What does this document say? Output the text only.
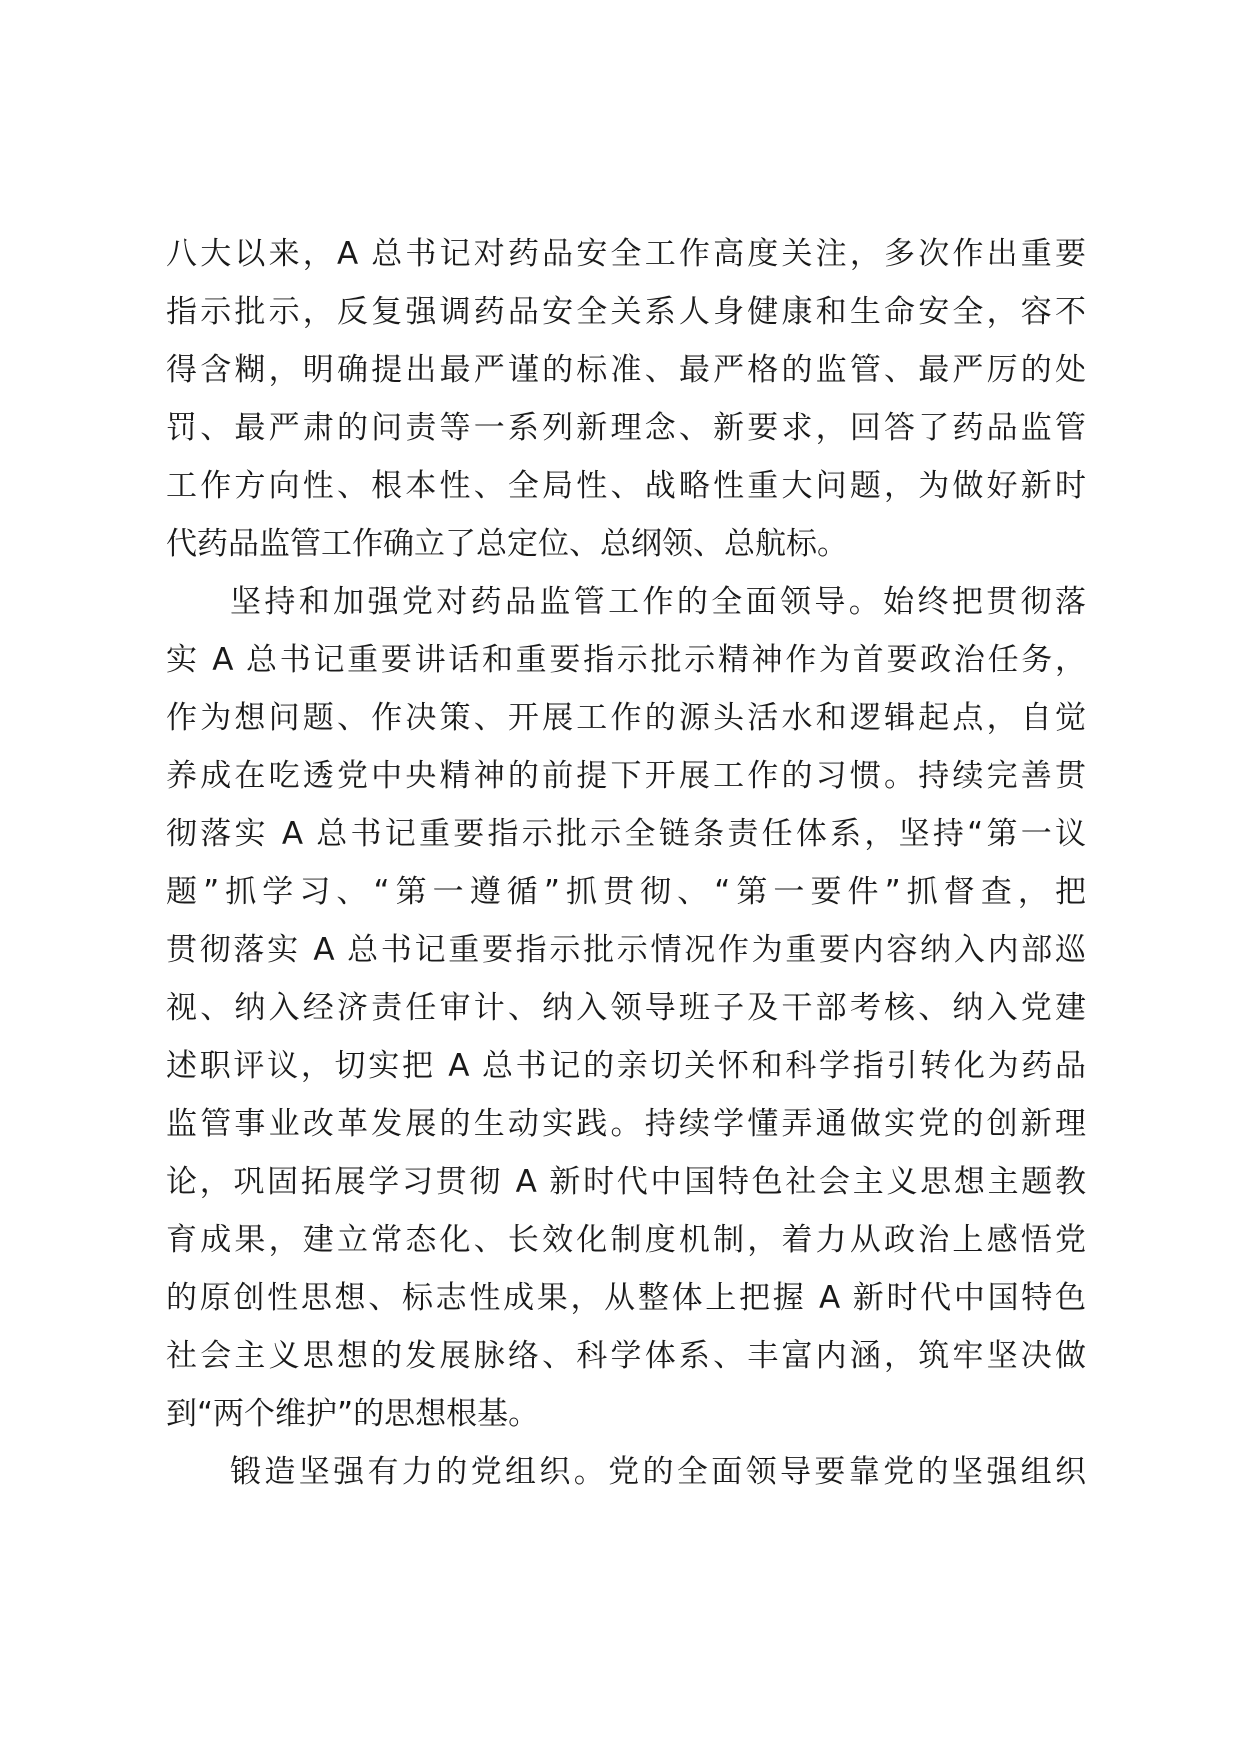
八大以来，A 总书记对药品安全工作高度关注，多次作出重要
指示批示，反复强调药品安全关系人身健康和生命安全，容不
得含糊，明确提出最严谨的标准、最严格的监管、最严厉的处
罚、最严肃的问责等一系列新理念、新要求，回答了药品监管
工作方向性、根本性、全局性、战略性重大问题，为做好新时
代药品监管工作确立了总定位、总纲领、总航标。
坚持和加强党对药品监管工作的全面领导。始终把贯彻落
实 A 总书记重要讲话和重要指示批示精神作为首要政治任务，
作为想问题、作决策、开展工作的源头活水和逻辑起点，自觉
养成在吃透党中央精神的前提下开展工作的习惯。持续完善贯
彻落实 A 总书记重要指示批示全链条责任体系，坚持“第一议
题”抓学习、“第一遵循”抓贯彻、“第一要件”抓督查，把
贯彻落实 A 总书记重要指示批示情况作为重要内容纳入内部巡
视、纳入经济责任审计、纳入领导班子及干部考核、纳入党建
述职评议，切实把 A 总书记的亲切关怀和科学指引转化为药品
监管事业改革发展的生动实践。持续学懂弄通做实党的创新理
论，巩固拓展学习贯彻 A 新时代中国特色社会主义思想主题教
育成果，建立常态化、长效化制度机制，着力从政治上感悟党
的原创性思想、标志性成果，从整体上把握 A 新时代中国特色
社会主义思想的发展脉络、科学体系、丰富内涵，筑牢坚决做
到“两个维护”的思想根基。
锻造坚强有力的党组织。党的全面领导要靠党的坚强组织
